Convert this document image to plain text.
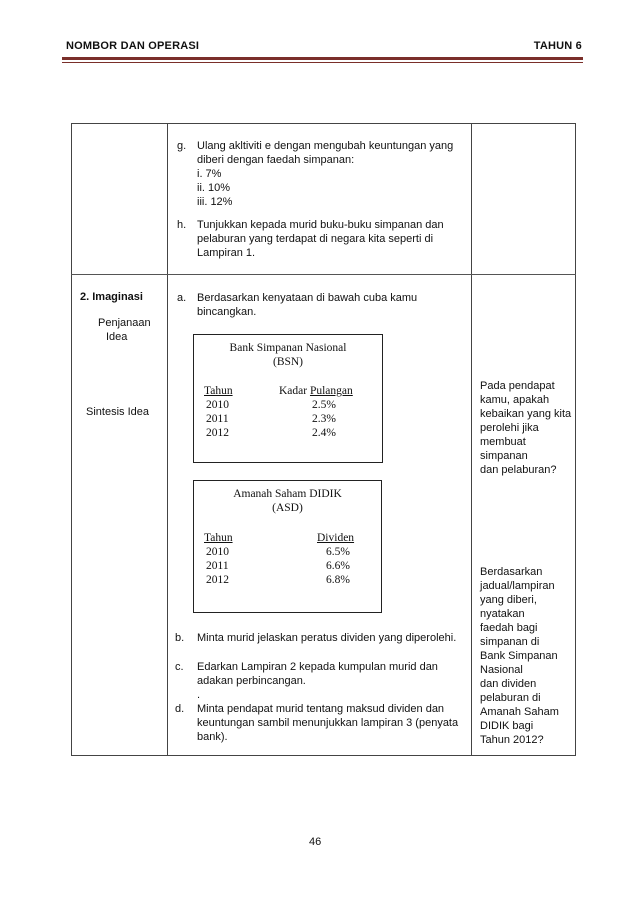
NOMBOR DAN OPERASI	TAHUN 6
g. Ulang akltiviti e dengan mengubah keuntungan yang diberi dengan faedah simpanan:
i. 7%
ii. 10%
iii. 12%
h. Tunjukkan kepada murid buku-buku simpanan dan pelaburan yang terdapat di negara kita seperti di Lampiran 1.
2. Imaginasi
Penjanaan
Idea
Sintesis Idea
a. Berdasarkan kenyataan di bawah cuba kamu bincangkan.
Bank Simpanan Nasional
(BSN)
Tahun	Kadar Pulangan
2010	2.5%
2011	2.3%
2012	2.4%
Amanah Saham DIDIK
(ASD)
Tahun	Dividen
2010	6.5%
2011	6.6%
2012	6.8%
b. Minta murid jelaskan peratus dividen yang diperolehi.
c. Edarkan Lampiran 2 kepada kumpulan murid dan adakan perbincangan.
.
d. Minta pendapat murid tentang maksud dividen dan keuntungan sambil menunjukkan lampiran 3 (penyata bank).
Pada pendapat
kamu, apakah
kebaikan yang kita
perolehi jika
membuat simpanan
dan pelaburan?
Berdasarkan
jadual/lampiran
yang diberi,
nyatakan
faedah bagi
simpanan di
Bank Simpanan
Nasional
dan dividen
pelaburan di
Amanah Saham
DIDIK bagi
Tahun 2012?
46
